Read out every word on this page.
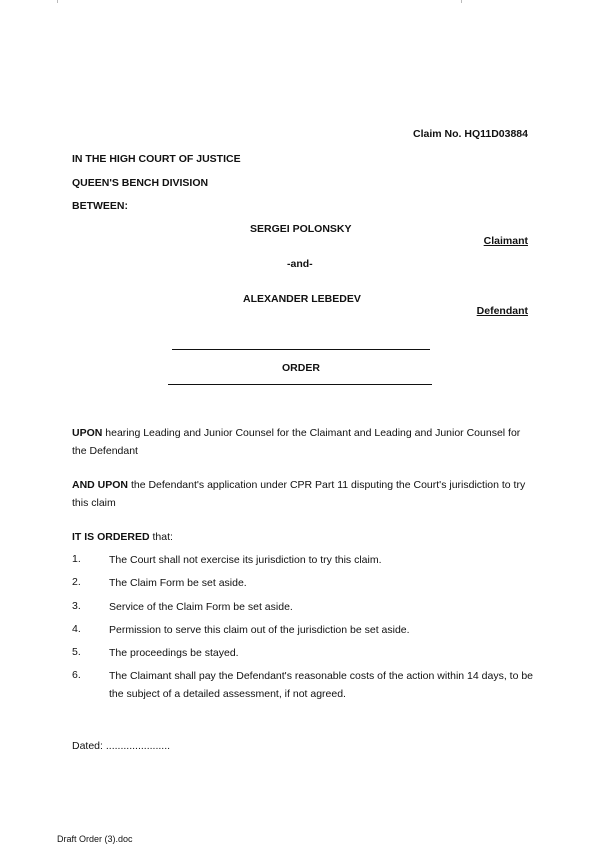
Claim No. HQ11D03884
IN THE HIGH COURT OF JUSTICE
QUEEN'S BENCH DIVISION
BETWEEN:
SERGEI POLONSKY
Claimant
-and-
ALEXANDER LEBEDEV
Defendant
ORDER
UPON hearing Leading and Junior Counsel for the Claimant and Leading and Junior Counsel for the Defendant
AND UPON the Defendant's application under CPR Part 11 disputing the Court's jurisdiction to try this claim
IT IS ORDERED that:
1.	The Court shall not exercise its jurisdiction to try this claim.
2.	The Claim Form be set aside.
3.	Service of the Claim Form be set aside.
4.	Permission to serve this claim out of the jurisdiction be set aside.
5.	The proceedings be stayed.
6.	The Claimant shall pay the Defendant's reasonable costs of the action within 14 days, to be the subject of a detailed assessment, if not agreed.
Dated: ......................
Draft Order (3).doc
